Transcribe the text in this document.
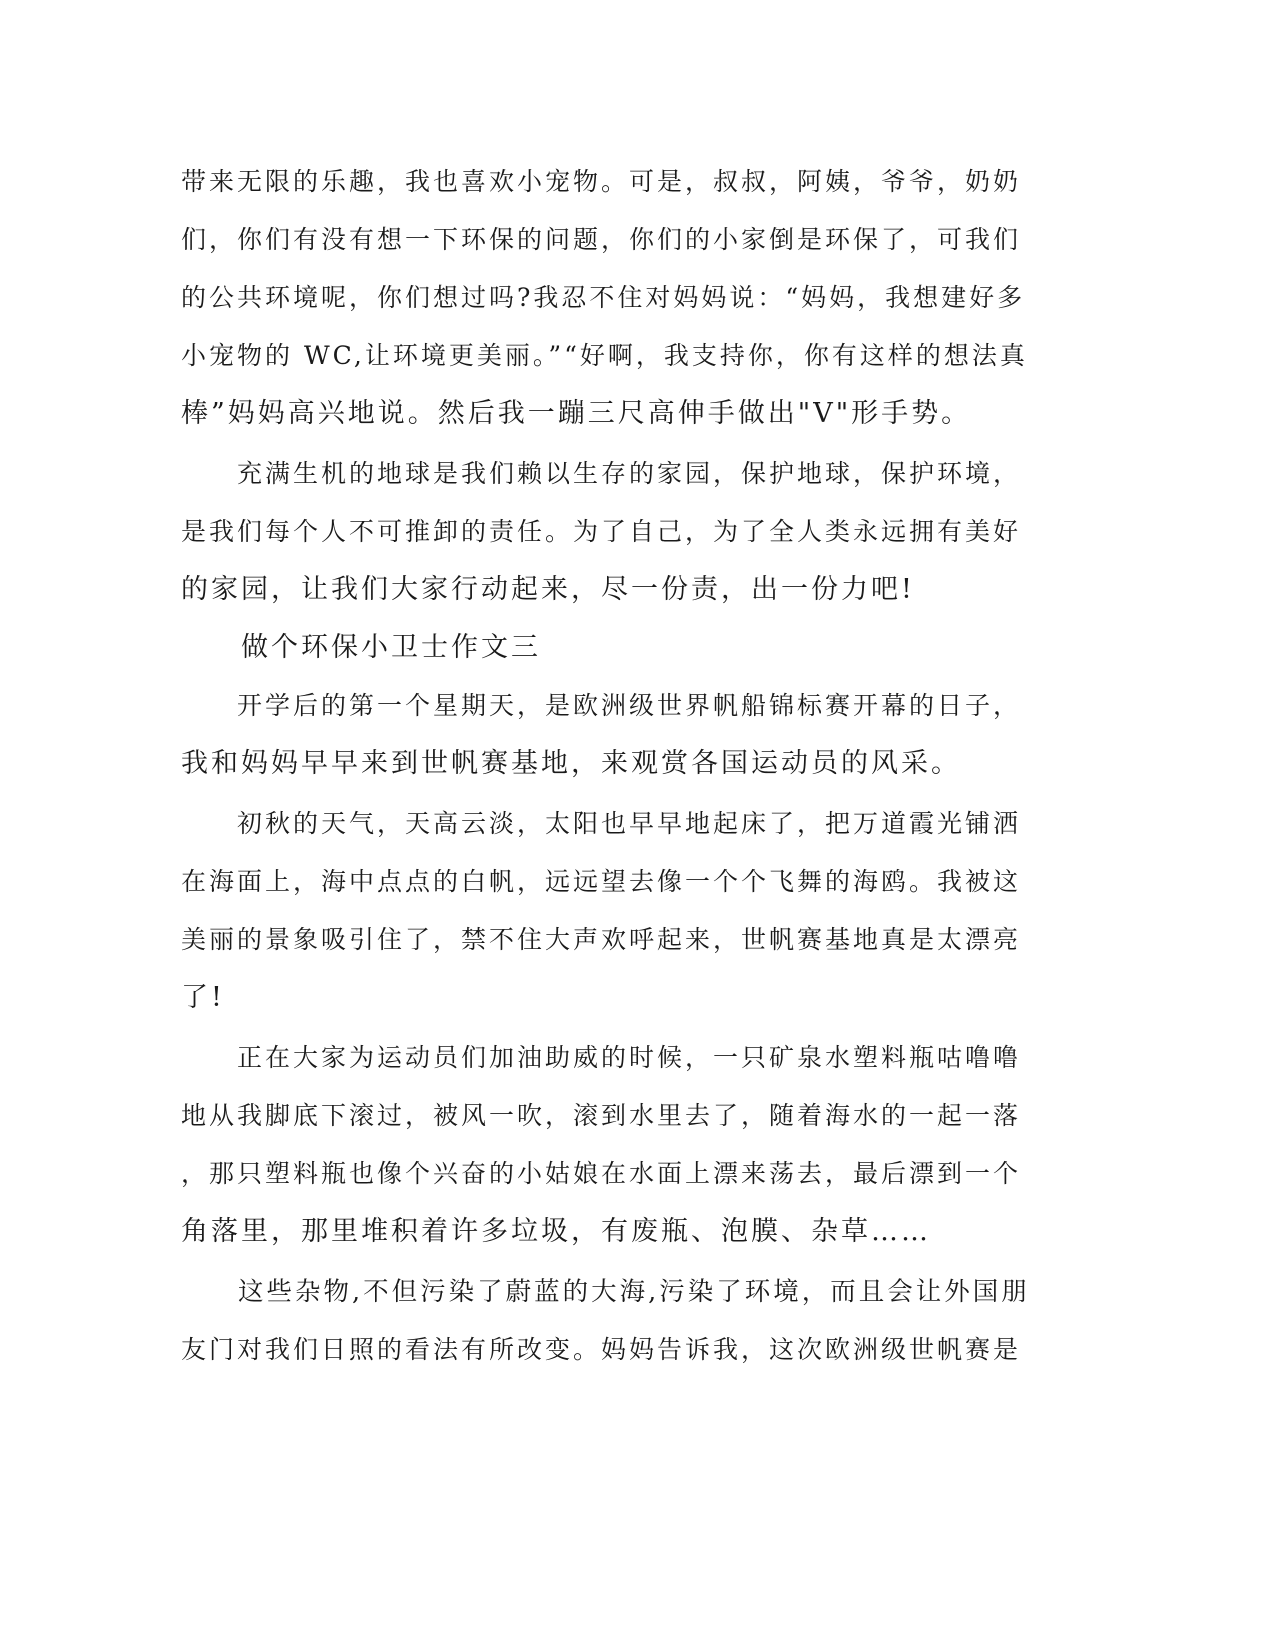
带来无限的乐趣，我也喜欢小宠物。可是，叔叔，阿姨，爷爷，奶奶
们，你们有没有想一下环保的问题，你们的小家倒是环保了，可我们
的公共环境呢，你们想过吗?我忍不住对妈妈说：“妈妈，我想建好多
小宠物的 WC,让环境更美丽。”“好啊，我支持你，你有这样的想法真
棒”妈妈高兴地说。然后我一蹦三尺高伸手做出"V"形手势。
　　充满生机的地球是我们赖以生存的家园，保护地球，保护环境，
是我们每个人不可推卸的责任。为了自己，为了全人类永远拥有美好
的家园，让我们大家行动起来，尽一份责，出一份力吧!
　　做个环保小卫士作文三
　　开学后的第一个星期天，是欧洲级世界帆船锦标赛开幕的日子，
我和妈妈早早来到世帆赛基地，来观赏各国运动员的风采。
　　初秋的天气，天高云淡，太阳也早早地起床了，把万道霞光铺洒
在海面上，海中点点的白帆，远远望去像一个个飞舞的海鸥。我被这
美丽的景象吸引住了，禁不住大声欢呼起来，世帆赛基地真是太漂亮
了!
　　正在大家为运动员们加油助威的时候，一只矿泉水塑料瓶咕噜噜
地从我脚底下滚过，被风一吹，滚到水里去了，随着海水的一起一落
，那只塑料瓶也像个兴奋的小姑娘在水面上漂来荡去，最后漂到一个
角落里，那里堆积着许多垃圾，有废瓶、泡膜、杂草……
　　这些杂物,不但污染了蔚蓝的大海,污染了环境，而且会让外国朋
友门对我们日照的看法有所改变。妈妈告诉我，这次欧洲级世帆赛是
